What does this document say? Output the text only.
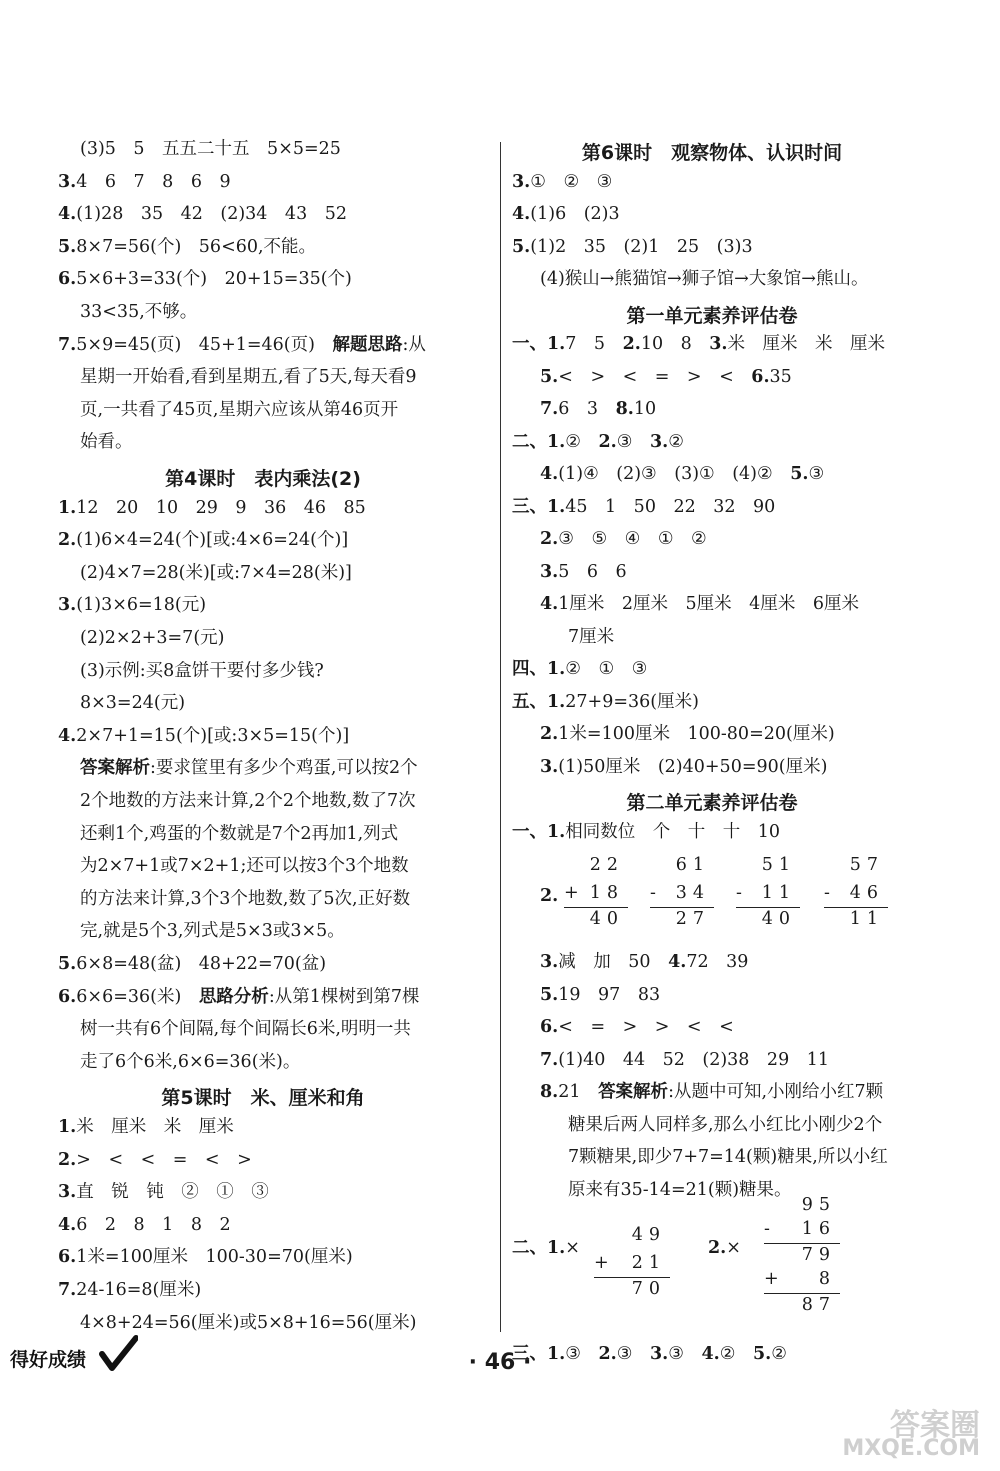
(3)5　5　五五二十五　5×5=25
3.4　6　7　8　6　9
4.(1)28　35　42　(2)34　43　52
5.8×7=56(个)　56<60,不能。
6.5×6+3=33(个)　20+15=35(个)
33<35,不够。
7.5×9=45(页)　45+1=46(页)　解题思路:从
星期一开始看,看到星期五,看了5天,每天看9
页,一共看了45页,星期六应该从第46页开
始看。
第4课时　表内乘法(2)
1.12　20　10　29　9　36　46　85
2.(1)6×4=24(个)[或:4×6=24(个)]
(2)4×7=28(米)[或:7×4=28(米)]
3.(1)3×6=18(元)
(2)2×2+3=7(元)
(3)示例:买8盒饼干要付多少钱?
8×3=24(元)
4.2×7+1=15(个)[或:3×5=15(个)]
答案解析:要求筐里有多少个鸡蛋,可以按2个
2个地数的方法来计算,2个2个地数,数了7次
还剩1个,鸡蛋的个数就是7个2再加1,列式
为2×7+1或7×2+1;还可以按3个3个地数
的方法来计算,3个3个地数,数了5次,正好数
完,就是5个3,列式是5×3或3×5。
5.6×8=48(盆)　48+22=70(盆)
6.6×6=36(米)　思路分析:从第1棵树到第7棵
树一共有6个间隔,每个间隔长6米,明明一共
走了6个6米,6×6=36(米)。
第5课时　米、厘米和角
1.米　厘米　米　厘米
2.>　<　<　=　<　>
3.直　锐　钝　②　①　③
4.6　2　8　1　8　2
6.1米=100厘米　100-30=70(厘米)
7.24-16=8(厘米)
4×8+24=56(厘米)或5×8+16=56(厘米)
第6课时　观察物体、认识时间
3.①　②　③
4.(1)6　(2)3
5.(1)2　35　(2)1　25　(3)3
(4)猴山→熊猫馆→狮子馆→大象馆→熊山。
第一单元素养评估卷
一、1.7　5　2.10　8　3.米　厘米　米　厘米
5.<　>　<　=　>　<　6.35
7.6　3　8.10
二、1.②　2.③　3.②
4.(1)④　(2)③　(3)①　(4)②　5.③
三、1.45　1　50　22　32　90
2.③　⑤　④　①　②
3.5　6　6
4.1厘米　2厘米　5厘米　4厘米　6厘米
7厘米
四、1.②　①　③
五、1.27+9=36(厘米)
2.1米=100厘米　100-80=20(厘米)
3.(1)50厘米　(2)40+50=90(厘米)
第二单元素养评估卷
一、1.相同数位　个　十　十　10
2.
22
+ 18
40
61
- 34
27
51
- 11
40
57
- 46
11
3.减　加　50　4.72　39
5.19　97　83
6.<　=　>　>　<　<
7.(1)40　44　52　(2)38　29　11
8.21　答案解析:从题中可知,小刚给小红7颗
糖果后两人同样多,那么小红比小刚少2个
7颗糖果,即少7+7=14(颗)糖果,所以小红
原来有35-14=21(颗)糖果。
二、1.×
49
+ 21
70
2.×
95
- 16
79
+ 8
87
三、1.③　2.③　3.③　4.②　5.②
得好成绩	· 46 ·
答案圈
MXQE.COM
